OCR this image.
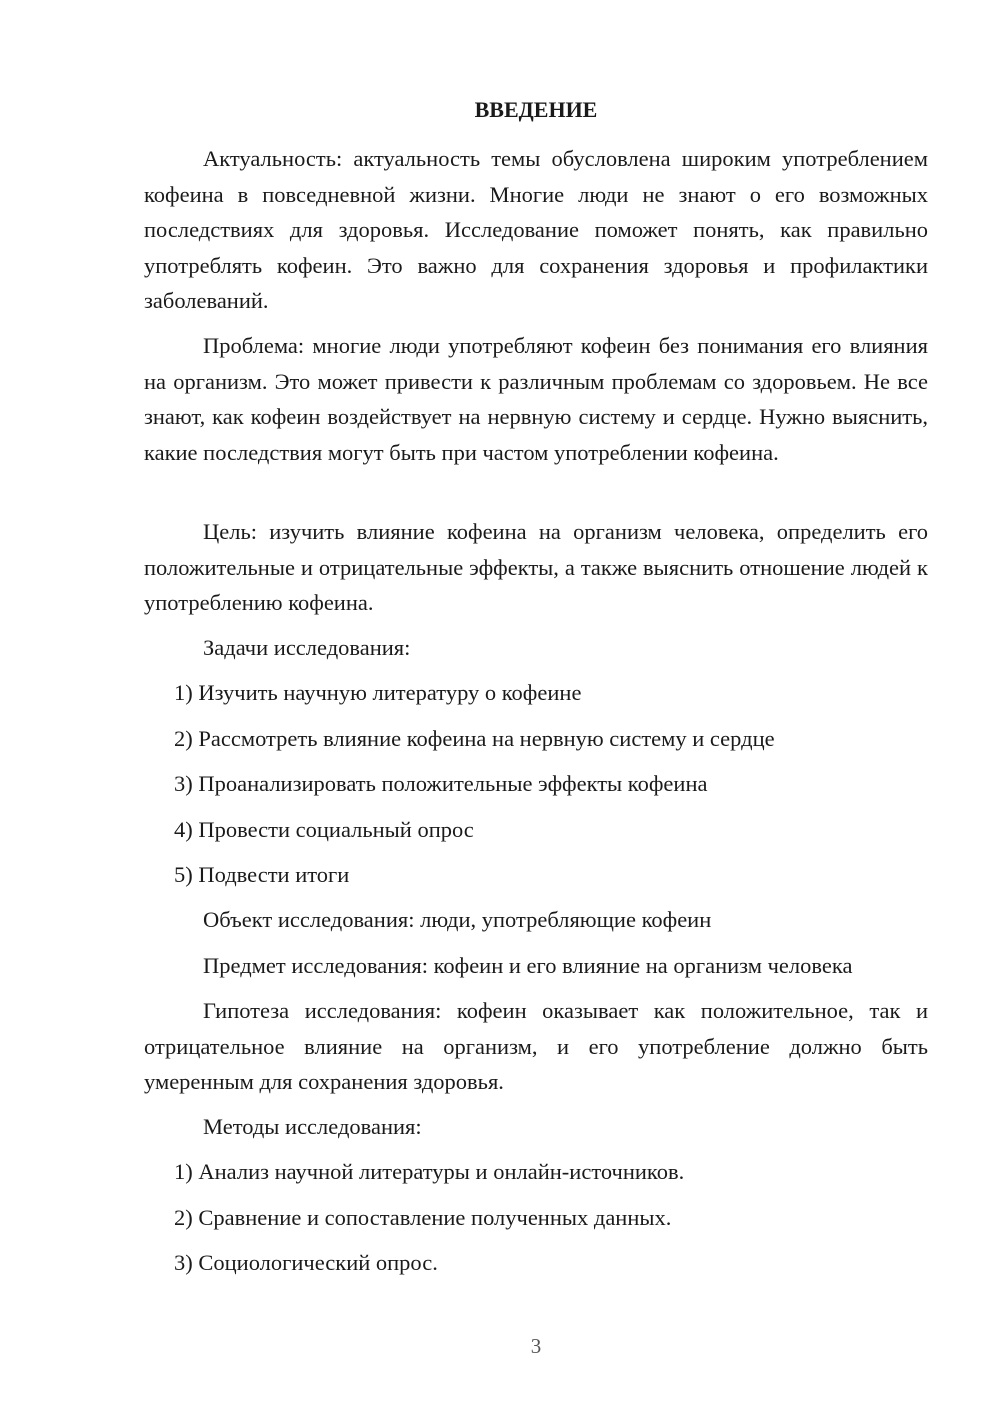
ВВЕДЕНИЕ
Актуальность: актуальность темы обусловлена широким употреблением кофеина в повседневной жизни. Многие люди не знают о его возможных последствиях для здоровья. Исследование поможет понять, как правильно употреблять кофеин. Это важно для сохранения здоровья и профилактики заболеваний.
Проблема: многие люди употребляют кофеин без понимания его влияния на организм. Это может привести к различным проблемам со здоровьем. Не все знают, как кофеин воздействует на нервную систему и сердце. Нужно выяснить, какие последствия могут быть при частом употреблении кофеина.
Цель: изучить влияние кофеина на организм человека, определить его положительные и отрицательные эффекты, а также выяснить отношение людей к употреблению кофеина.
Задачи исследования:
1) Изучить научную литературу о кофеине
2) Рассмотреть влияние кофеина на нервную систему и сердце
3) Проанализировать положительные эффекты кофеина
4) Провести социальный опрос
5) Подвести итоги
Объект исследования: люди, употребляющие кофеин
Предмет исследования: кофеин и его влияние на организм человека
Гипотеза исследования: кофеин оказывает как положительное, так и отрицательное влияние на организм, и его употребление должно быть умеренным для сохранения здоровья.
Методы исследования:
1) Анализ научной литературы и онлайн-источников.
2) Сравнение и сопоставление полученных данных.
3) Социологический опрос.
3
